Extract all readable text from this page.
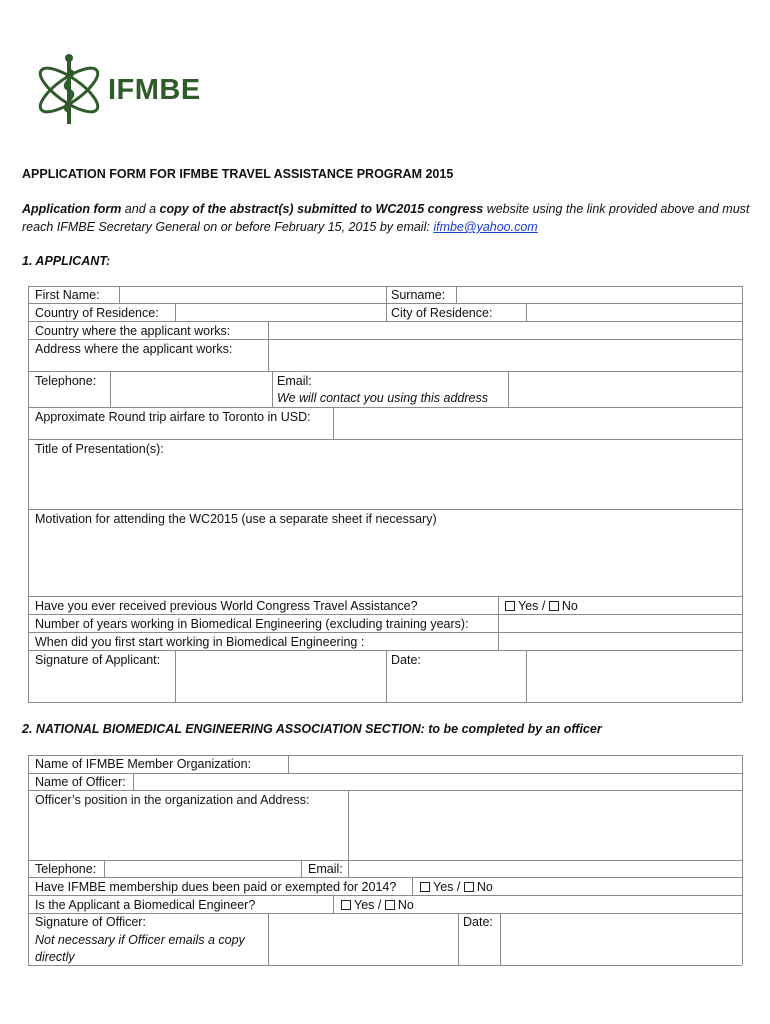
IFMBE
APPLICATION FORM FOR IFMBE TRAVEL ASSISTANCE PROGRAM 2015
Application form and a copy of the abstract(s) submitted to WC2015 congress website using the link provided above and must
reach IFMBE Secretary General on or before February 15, 2015 by email: ifmbe@yahoo.com
1. APPLICANT:
First Name:	Surname:
Country of Residence:	City of Residence:
Country where the applicant works:
Address where the applicant works:
Telephone:	Email:
We will contact you using this address
Approximate Round trip airfare to Toronto in USD:
Title of Presentation(s):
Motivation for attending the WC2015 (use a separate sheet if necessary)
Have you ever received previous World Congress Travel Assistance?	Yes / No
Number of years working in Biomedical Engineering (excluding training years):
When did you first start working in Biomedical Engineering :
Signature of Applicant:	Date:
2. NATIONAL BIOMEDICAL ENGINEERING ASSOCIATION SECTION: to be completed by an officer
Name of IFMBE Member Organization:
Name of Officer:
Officer’s position in the organization and Address:
Telephone:	Email:
Have IFMBE membership dues been paid or exempted for 2014?	Yes / No
Is the Applicant a Biomedical Engineer?	Yes / No
Signature of Officer:
Not necessary if Officer emails a copy
directly
Date:
